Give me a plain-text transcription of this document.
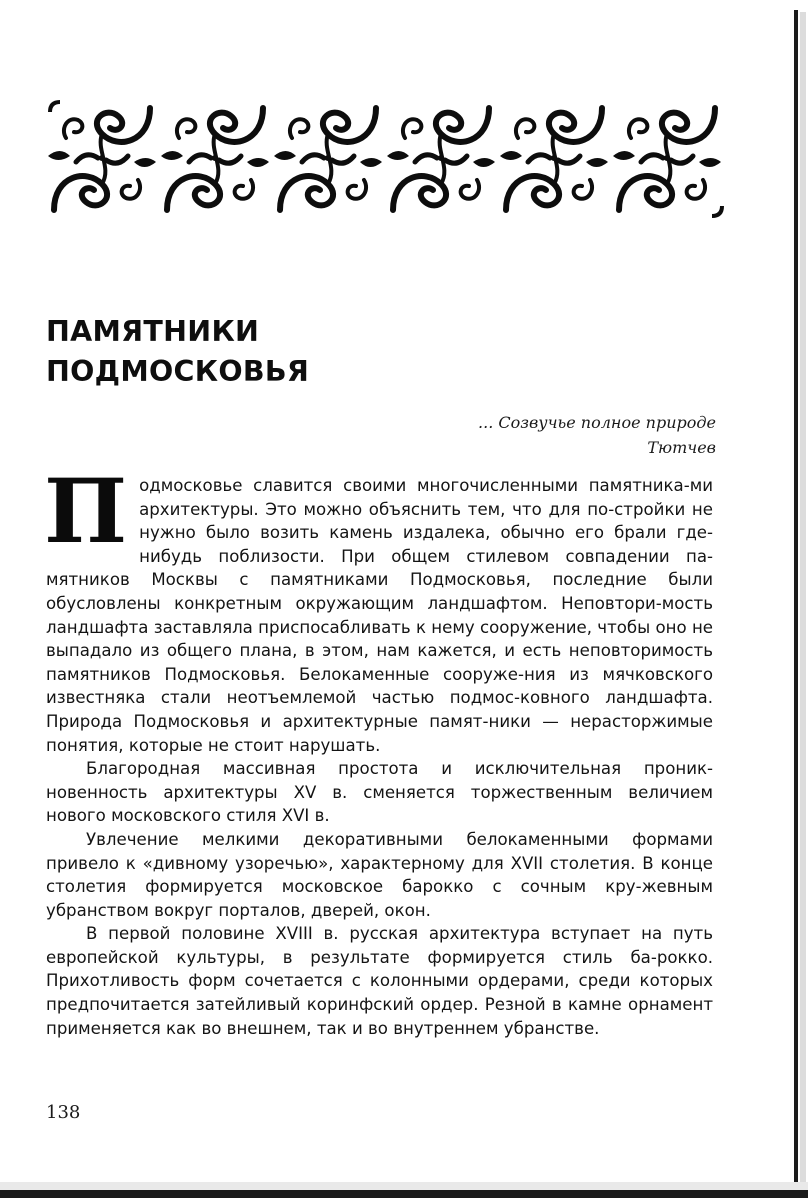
ПАМЯТНИКИ
ПОДМОСКОВЬЯ
... Созвучье полное природе
Тютчев

Подмосковье славится своими многочисленными памятника-ми архитектуры. Это можно объяснить тем, что для по-стройки не нужно было возить камень издалека, обычно его брали где-нибудь поблизости. При общем стилевом совпадении па-мятников Москвы с памятниками Подмосковья, последние были обусловлены конкретным окружающим ландшафтом. Неповтори-мость ландшафта заставляла приспосабливать к нему сооружение, чтобы оно не выпадало из общего плана, в этом, нам кажется, и есть неповторимость памятников Подмосковья. Белокаменные сооруже-ния из мячковского известняка стали неотъемлемой частью подмос-ковного ландшафта. Природа Подмосковья и архитектурные памят-ники — нерасторжимые понятия, которые не стоит нарушать.

Благородная массивная простота и исключительная проник-новенность архитектуры XV в. сменяется торжественным величием нового московского стиля XVI в.

Увлечение мелкими декоративными белокаменными формами привело к «дивному узоречью», характерному для XVII столетия. В конце столетия формируется московское барокко с сочным кру-жевным убранством вокруг порталов, дверей, окон.

В первой половине XVIII в. русская архитектура вступает на путь европейской культуры, в результате формируется стиль ба-рокко. Прихотливость форм сочетается с колонными ордерами, среди которых предпочитается затейливый коринфский ордер. Резной в камне орнамент применяется как во внешнем, так и во внутреннем убранстве.

138
